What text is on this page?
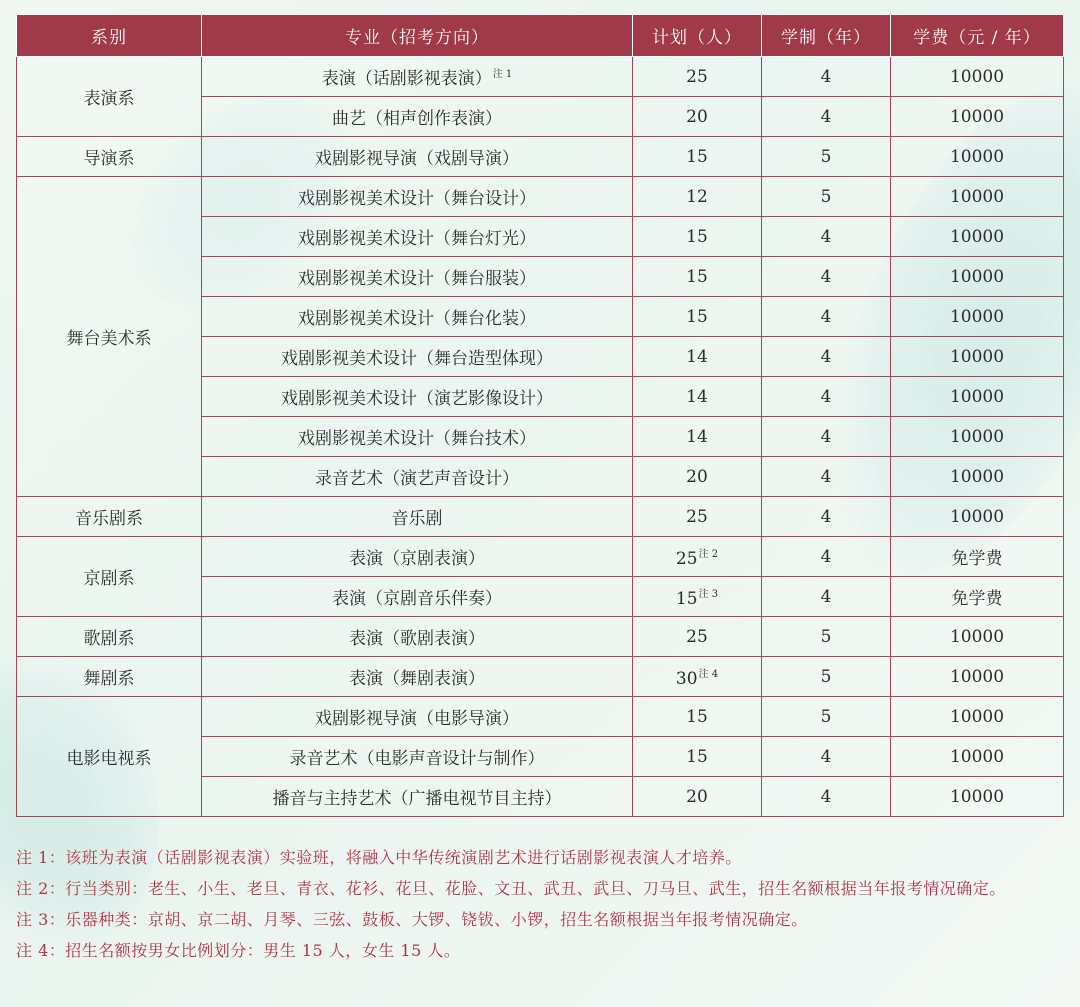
系别	专业（招考方向）	计划（人）	学制（年）	学费（元 / 年）
表演系	表演（话剧影视表演）$^{注 1}$	25	4	10000
	曲艺（相声创作表演）	20	4	10000
导演系	戏剧影视导演（戏剧导演）	15	5	10000
舞台美术系	戏剧影视美术设计（舞台设计）	12	5	10000
	戏剧影视美术设计（舞台灯光）	15	4	10000
	戏剧影视美术设计（舞台服装）	15	4	10000
	戏剧影视美术设计（舞台化装）	15	4	10000
	戏剧影视美术设计（舞台造型体现）	14	4	10000
	戏剧影视美术设计（演艺影像设计）	14	4	10000
	戏剧影视美术设计（舞台技术）	14	4	10000
	录音艺术（演艺声音设计）	20	4	10000
音乐剧系	音乐剧	25	4	10000
京剧系	表演（京剧表演）	25$^{注 2}$	4	免学费
	表演（京剧音乐伴奏）	15$^{注 3}$	4	免学费
歌剧系	表演（歌剧表演）	25	5	10000
舞剧系	表演（舞剧表演）	30$^{注 4}$	5	10000
电影电视系	戏剧影视导演（电影导演）	15	5	10000
	录音艺术（电影声音设计与制作）	15	4	10000
	播音与主持艺术（广播电视节目主持）	20	4	10000

注 1：该班为表演（话剧影视表演）实验班，将融入中华传统演剧艺术进行话剧影视表演人才培养。

注 2：行当类别：老生、小生、老旦、青衣、花衫、花旦、花脸、文丑、武丑、武旦、刀马旦、武生，招生名额根据当年报考情况确定。

注 3：乐器种类：京胡、京二胡、月琴、三弦、鼓板、大锣、铙钹、小锣，招生名额根据当年报考情况确定。

注 4：招生名额按男女比例划分：男生 15 人，女生 15 人。
